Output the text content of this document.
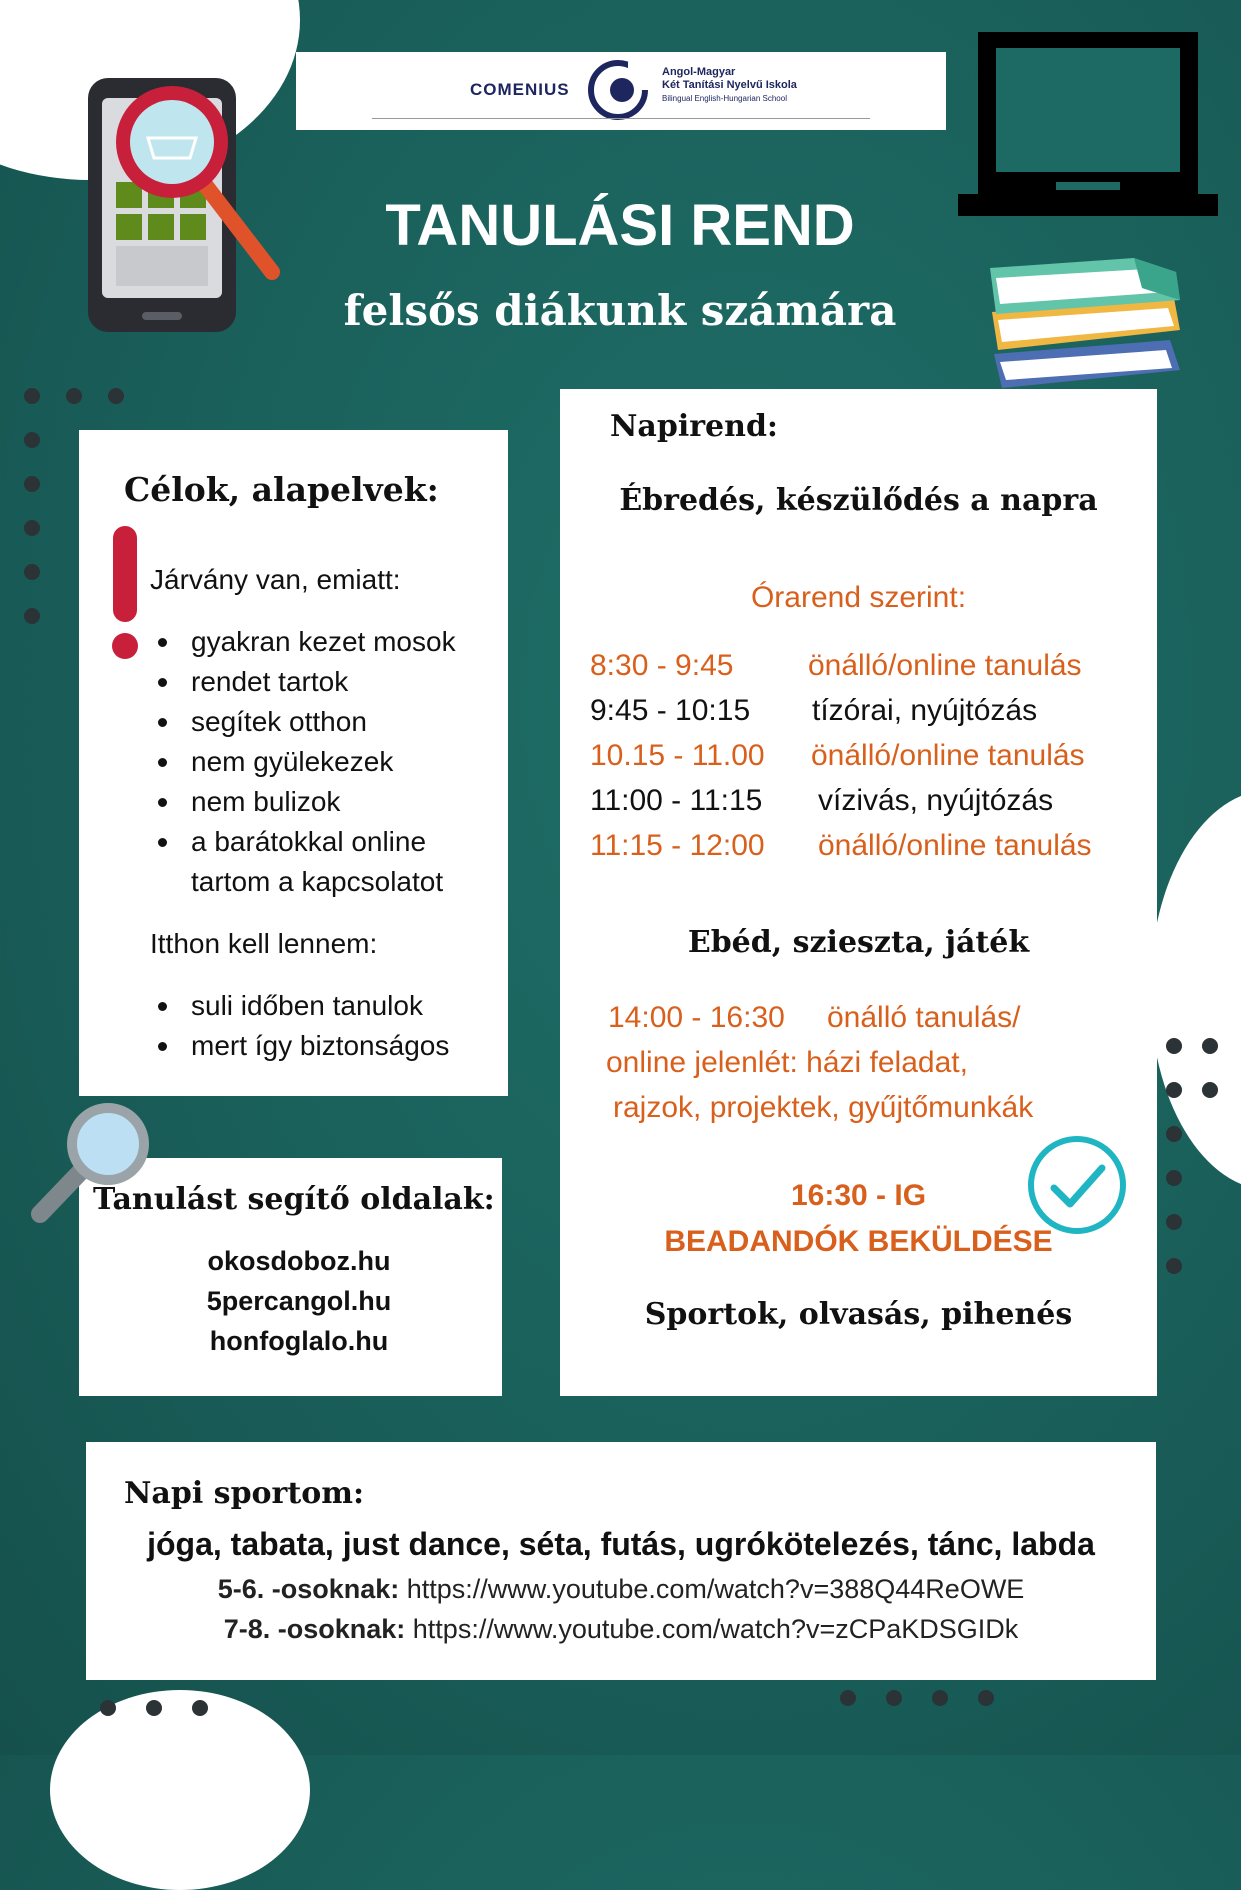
COMENIUS
Angol-Magyar
Két Tanítási Nyelvű Iskola
Bilingual English-Hungarian School
TANULÁSI REND
felsős diákunk számára
Célok, alapelvek:
Járvány van, emiatt:
gyakran kezet mosok
rendet tartok
segítek otthon
nem gyülekezek
nem bulizok
a barátokkal online tartom a kapcsolatot
Itthon kell lennem:
suli időben tanulok
mert így biztonságos
Napirend:
Ébredés, készülődés a napra
Órarend szerint:
8:30 - 9:45 önálló/online tanulás
9:45 - 10:15 tízórai, nyújtózás
10.15 - 11.00 önálló/online tanulás
11:00 - 11:15 vízivás, nyújtózás
11:15 - 12:00 önálló/online tanulás
Ebéd, szieszta, játék
14:00 - 16:30 önálló tanulás/
online jelenlét: házi feladat,
rajzok, projektek, gyűjtőmunkák
16:30 - IG
BEADANDÓK BEKÜLDÉSE
Sportok, olvasás, pihenés
Tanulást segítő oldalak:
okosdoboz.hu
5percangol.hu
honfoglalo.hu
Napi sportom:
jóga, tabata, just dance, séta, futás, ugrókötelezés, tánc, labda
5-6. -osoknak: https://www.youtube.com/watch?v=388Q44ReOWE
7-8. -osoknak: https://www.youtube.com/watch?v=zCPaKDSGIDk
